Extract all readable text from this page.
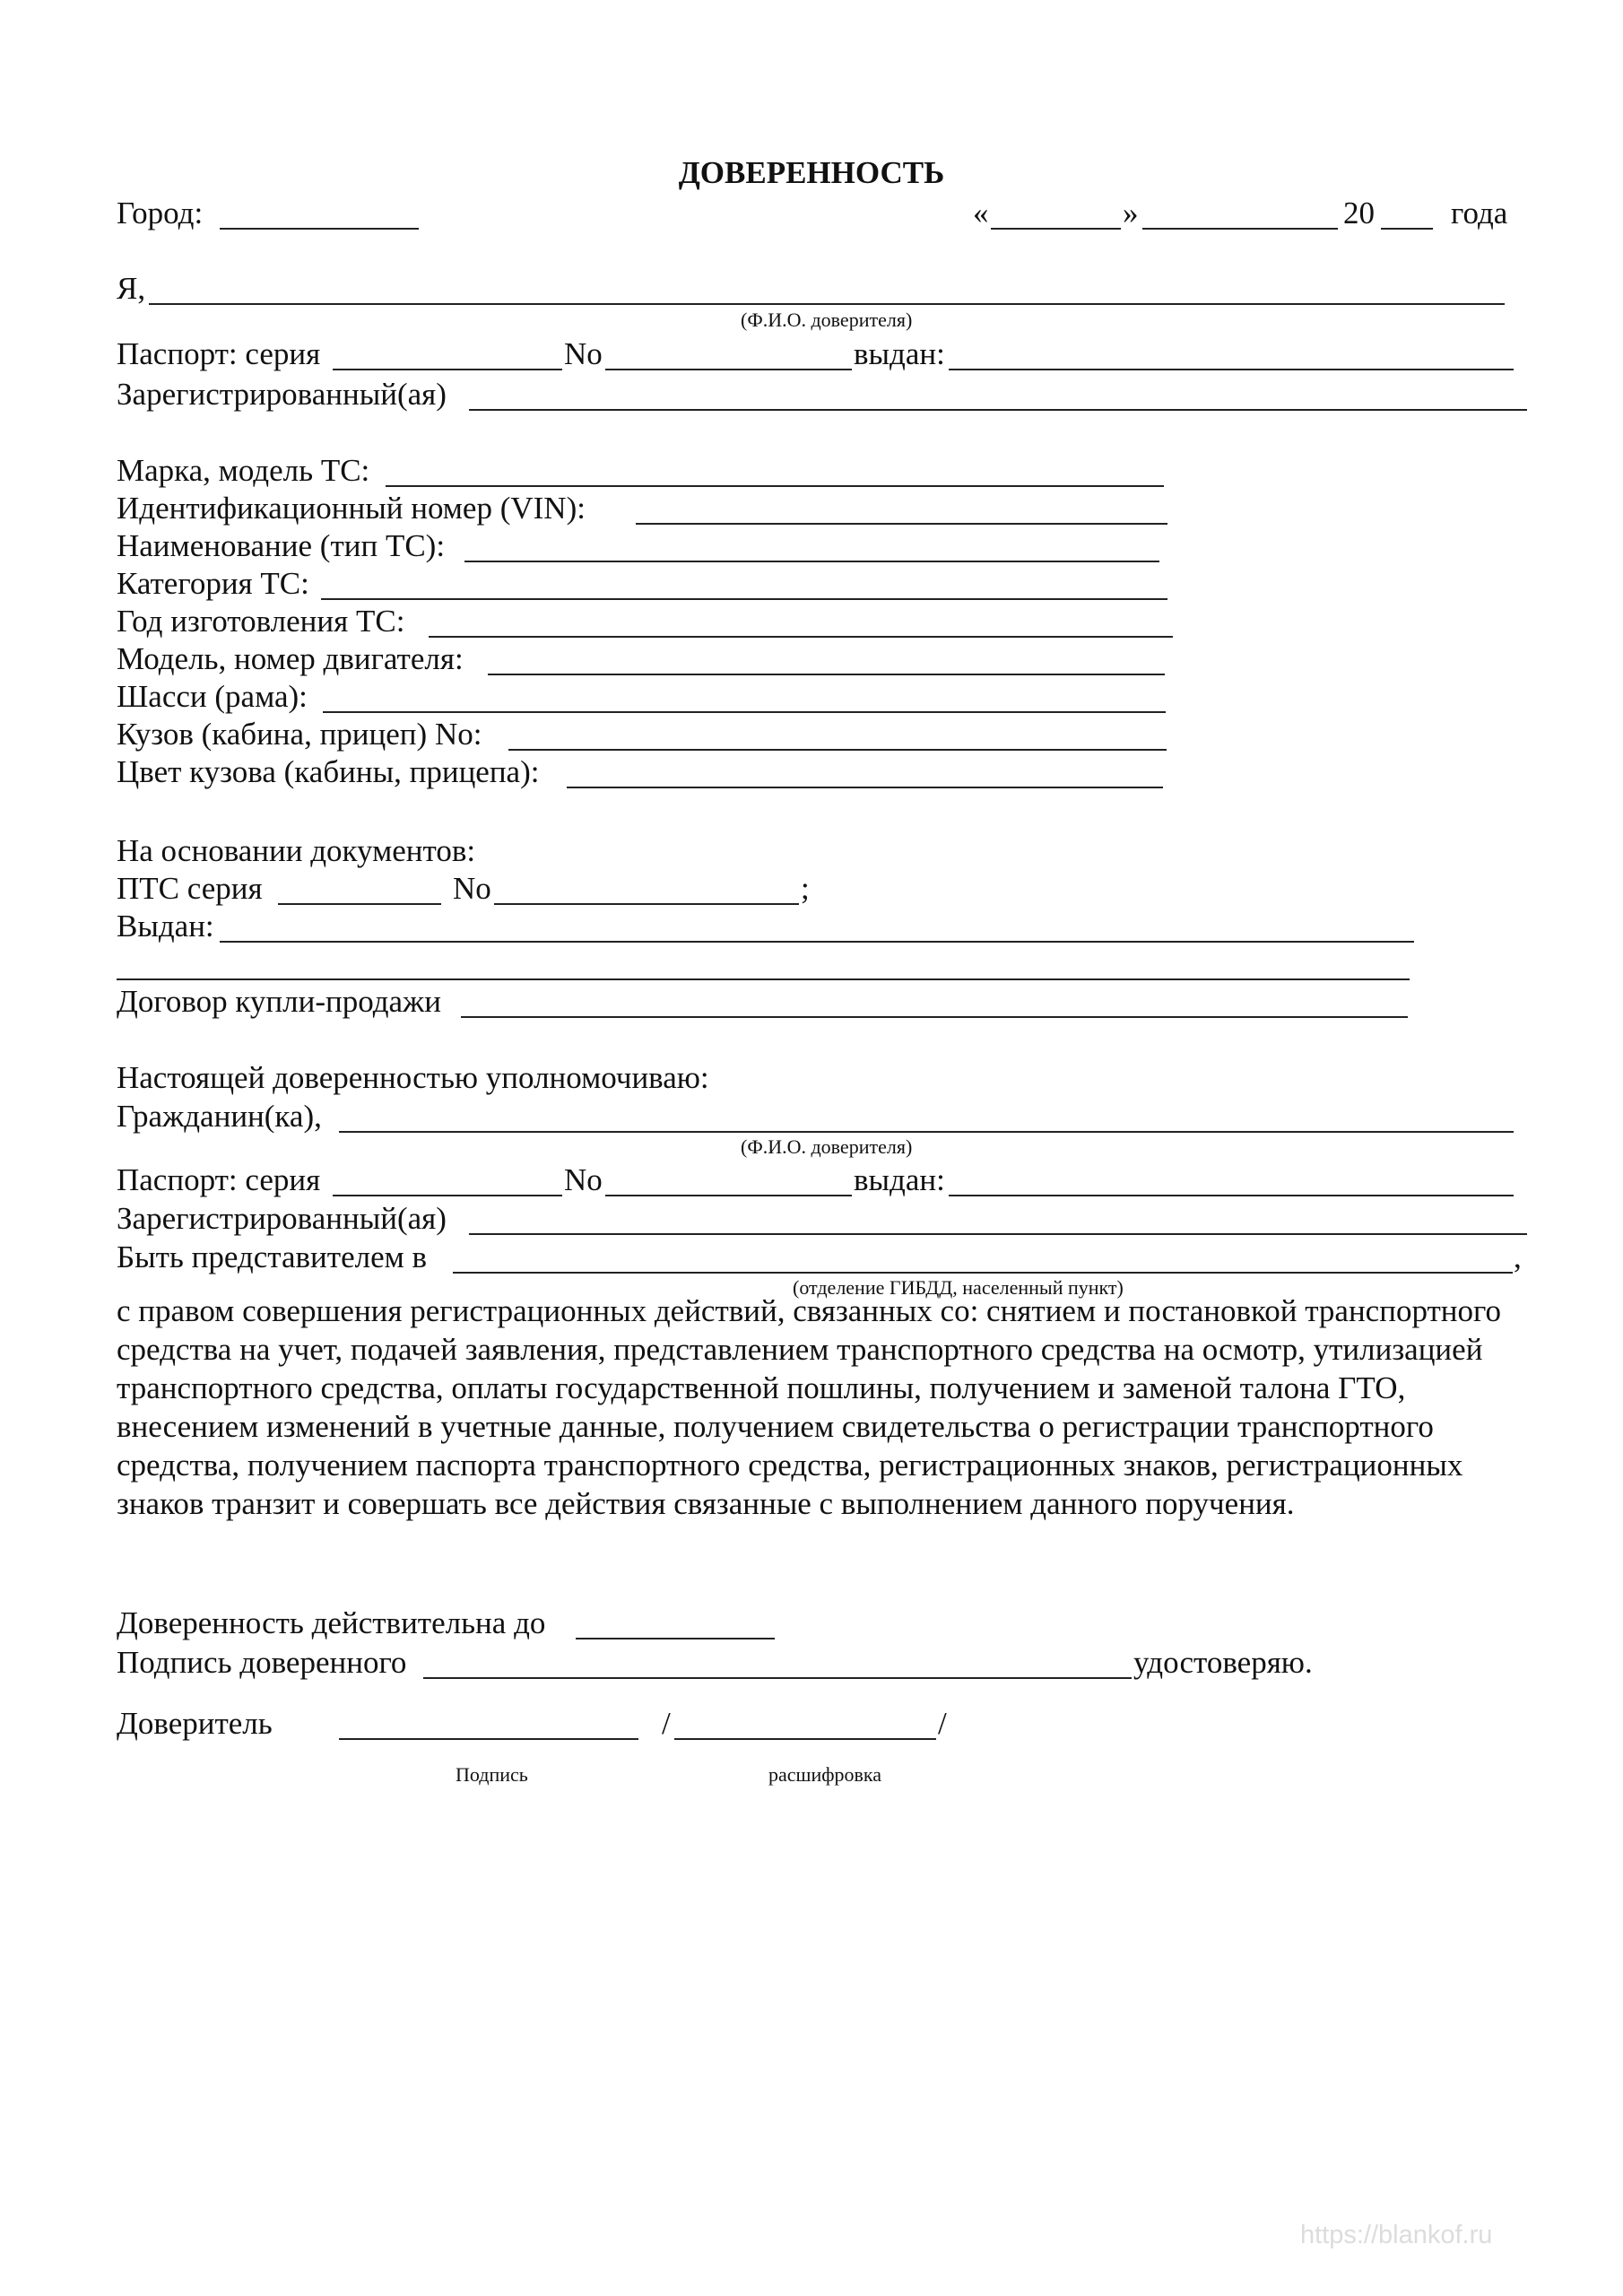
ДОВЕРЕННОСТЬ
Город:	«	»	20 года
Я,
(Ф.И.О. доверителя)
Паспорт: серия	No	выдан:
Зарегистрированный(ая)
Марка, модель ТС:
Идентификационный номер (VIN):
Наименование (тип ТС):
Категория ТС:
Год изготовления ТС:
Модель, номер двигателя:
Шасси (рама):
Кузов (кабина, прицеп) No:
Цвет кузова (кабины, прицепа):
На основании документов:
ПТС серия	No	;
Выдан:
Договор купли-продажи
Настоящей доверенностью уполномочиваю:
Гражданин(ка),
(Ф.И.О. доверителя)
Паспорт: серия	No	выдан:
Зарегистрированный(ая)
Быть представителем в	,
(отделение ГИБДД, населенный пункт)
с правом совершения регистрационных действий, связанных со: снятием и постановкой транспортного средства на учет, подачей заявления, представлением транспортного средства на осмотр, утилизацией транспортного средства, оплаты государственной пошлины, получением и заменой талона ГТО, внесением изменений в учетные данные, получением свидетельства о регистрации транспортного средства, получением паспорта транспортного средства, регистрационных знаков, регистрационных знаков транзит и совершать все действия связанные с выполнением данного поручения.
Доверенность действительна до
Подпись доверенного	удостоверяю.
Доверитель	/	/
Подпись	расшифровка
https://blankof.ru
